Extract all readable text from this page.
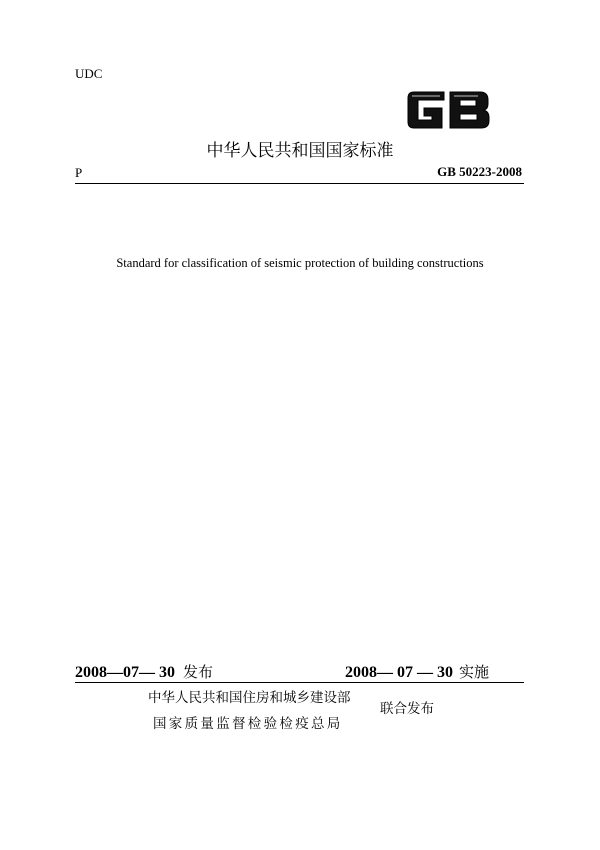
UDC
中华人民共和国国家标准
P	GB 50223-2008
Standard for classification of seismic protection of building constructions
2008—07— 30 发布	2008— 07 — 30 实施
中华人民共和国住房和城乡建设部
国家质量监督检验检疫总局
联合发布
